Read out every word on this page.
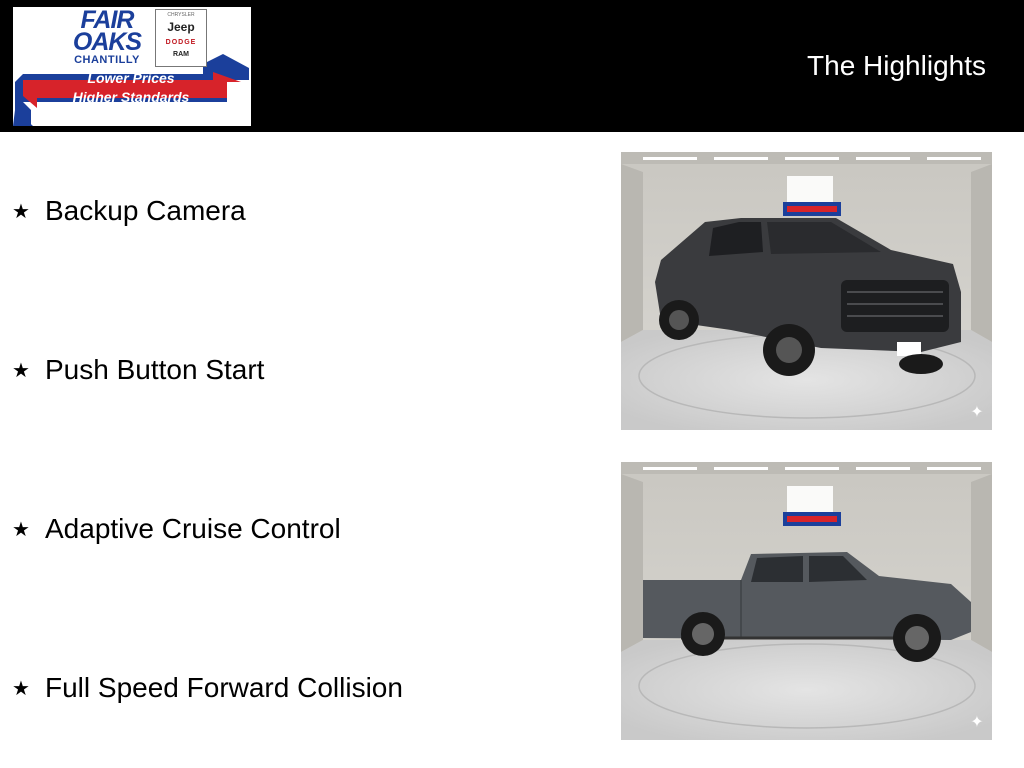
FAIR
OAKS
CHANTILLY
CHRYSLER
Jeep
DODGE
RAM
Lower Prices
Higher Standards
The Highlights
★ Backup Camera
★ Push Button Start
★ Adaptive Cruise Control
★ Full Speed Forward Collision
✦
✦
